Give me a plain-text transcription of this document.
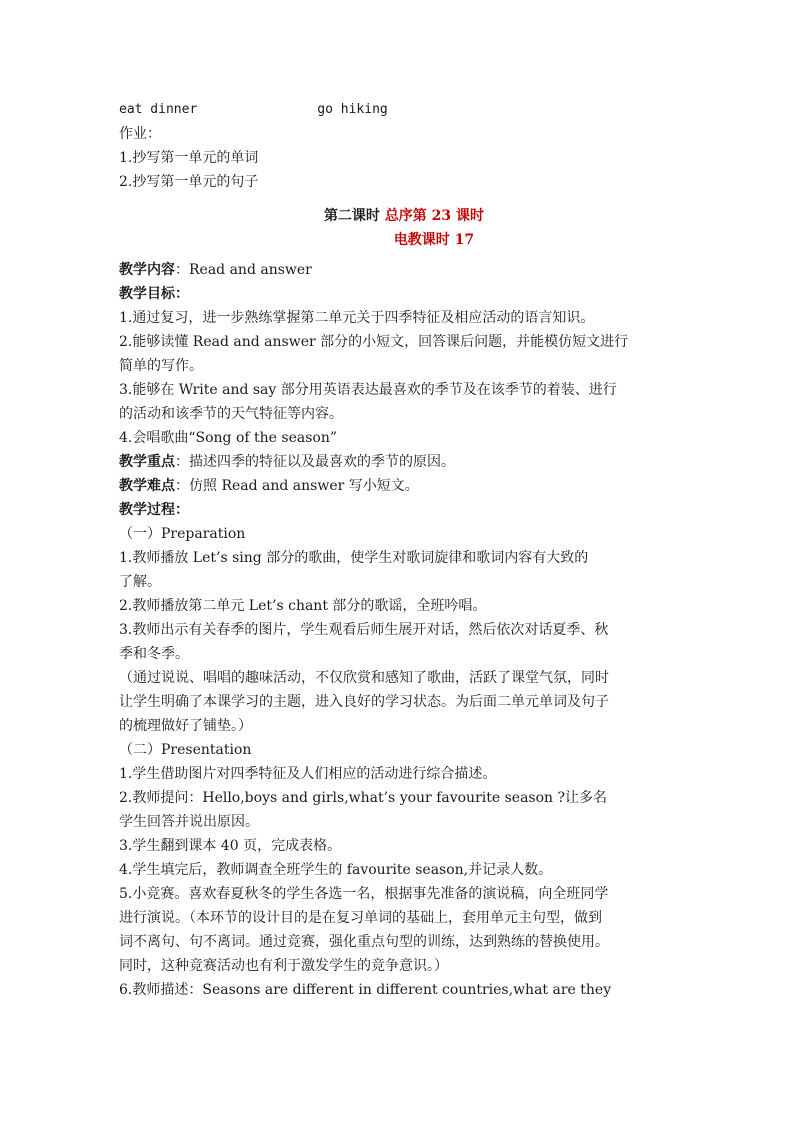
eat dinner	go hiking
作业：
1.抄写第一单元的单词
2.抄写第一单元的句子
第二课时 总序第 23 课时
电教课时 17
教学内容：Read and answer
教学目标：
1.通过复习，进一步熟练掌握第二单元关于四季特征及相应活动的语言知识。
2.能够读懂 Read and answer 部分的小短文，回答课后问题，并能模仿短文进行
简单的写作。
3.能够在 Write and say 部分用英语表达最喜欢的季节及在该季节的着装、进行
的活动和该季节的天气特征等内容。
4.会唱歌曲“Song of the season”
教学重点：描述四季的特征以及最喜欢的季节的原因。
教学难点：仿照 Read and answer 写小短文。
教学过程：
（一）Preparation
1.教师播放 Let’s sing 部分的歌曲，使学生对歌词旋律和歌词内容有大致的
了解。
2.教师播放第二单元 Let’s chant 部分的歌谣，全班吟唱。
3.教师出示有关春季的图片，学生观看后师生展开对话，然后依次对话夏季、秋
季和冬季。
（通过说说、唱唱的趣味活动，不仅欣赏和感知了歌曲，活跃了课堂气氛，同时
让学生明确了本课学习的主题，进入良好的学习状态。为后面二单元单词及句子
的梳理做好了铺垫。）
（二）Presentation
1.学生借助图片对四季特征及人们相应的活动进行综合描述。
2.教师提问：Hello,boys and girls,what’s your favourite season ?让多名
学生回答并说出原因。
3.学生翻到课本 40 页，完成表格。
4.学生填完后，教师调查全班学生的 favourite season,并记录人数。
5.小竞赛。喜欢春夏秋冬的学生各选一名，根据事先准备的演说稿，向全班同学
进行演说。（本环节的设计目的是在复习单词的基础上，套用单元主句型，做到
词不离句、句不离词。通过竞赛，强化重点句型的训练，达到熟练的替换使用。
同时，这种竞赛活动也有利于激发学生的竞争意识。）
6.教师描述：Seasons are different in different countries,what are they
